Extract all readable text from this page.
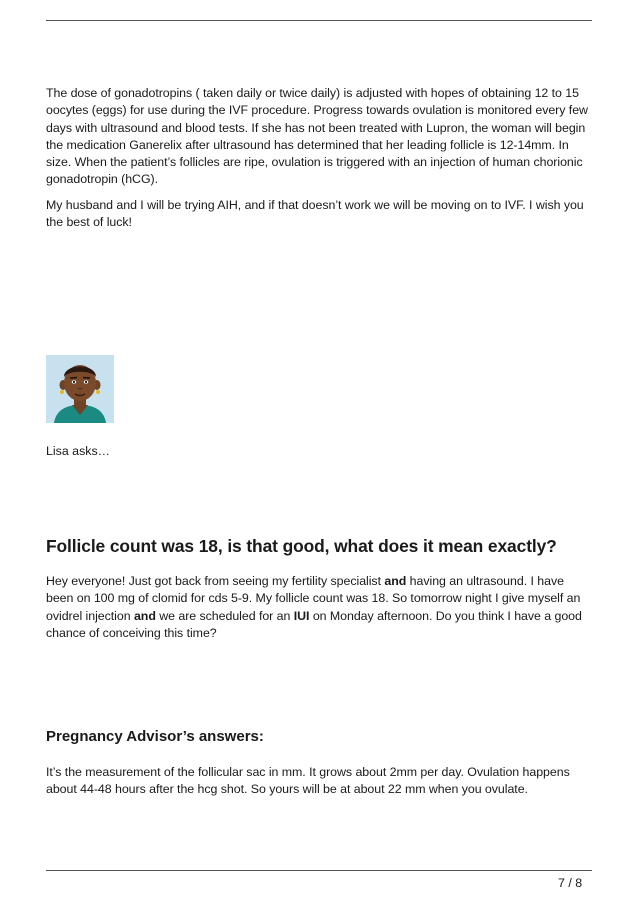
The dose of gonadotropins ( taken daily or twice daily) is adjusted with hopes of obtaining 12 to 15 oocytes (eggs) for use during the IVF procedure. Progress towards ovulation is monitored every few days with ultrasound and blood tests. If she has not been treated with Lupron, the woman will begin the medication Ganerelix after ultrasound has determined that her leading follicle is 12-14mm. In size. When the patient’s follicles are ripe, ovulation is triggered with an injection of human chorionic gonadotropin (hCG).

My husband and I will be trying AIH, and if that doesn’t work we will be moving on to IVF. I wish you the best of luck!

Lisa asks…

Follicle count was 18, is that good, what does it mean exactly?

Hey everyone! Just got back from seeing my fertility specialist and having an ultrasound. I have been on 100 mg of clomid for cds 5-9. My follicle count was 18. So tomorrow night I give myself an ovidrel injection and we are scheduled for an IUI on Monday afternoon. Do you think I have a good chance of conceiving this time?

Pregnancy Advisor’s answers:

It’s the measurement of the follicular sac in mm. It grows about 2mm per day. Ovulation happens about 44-48 hours after the hcg shot. So yours will be at about 22 mm when you ovulate.

7 / 8
